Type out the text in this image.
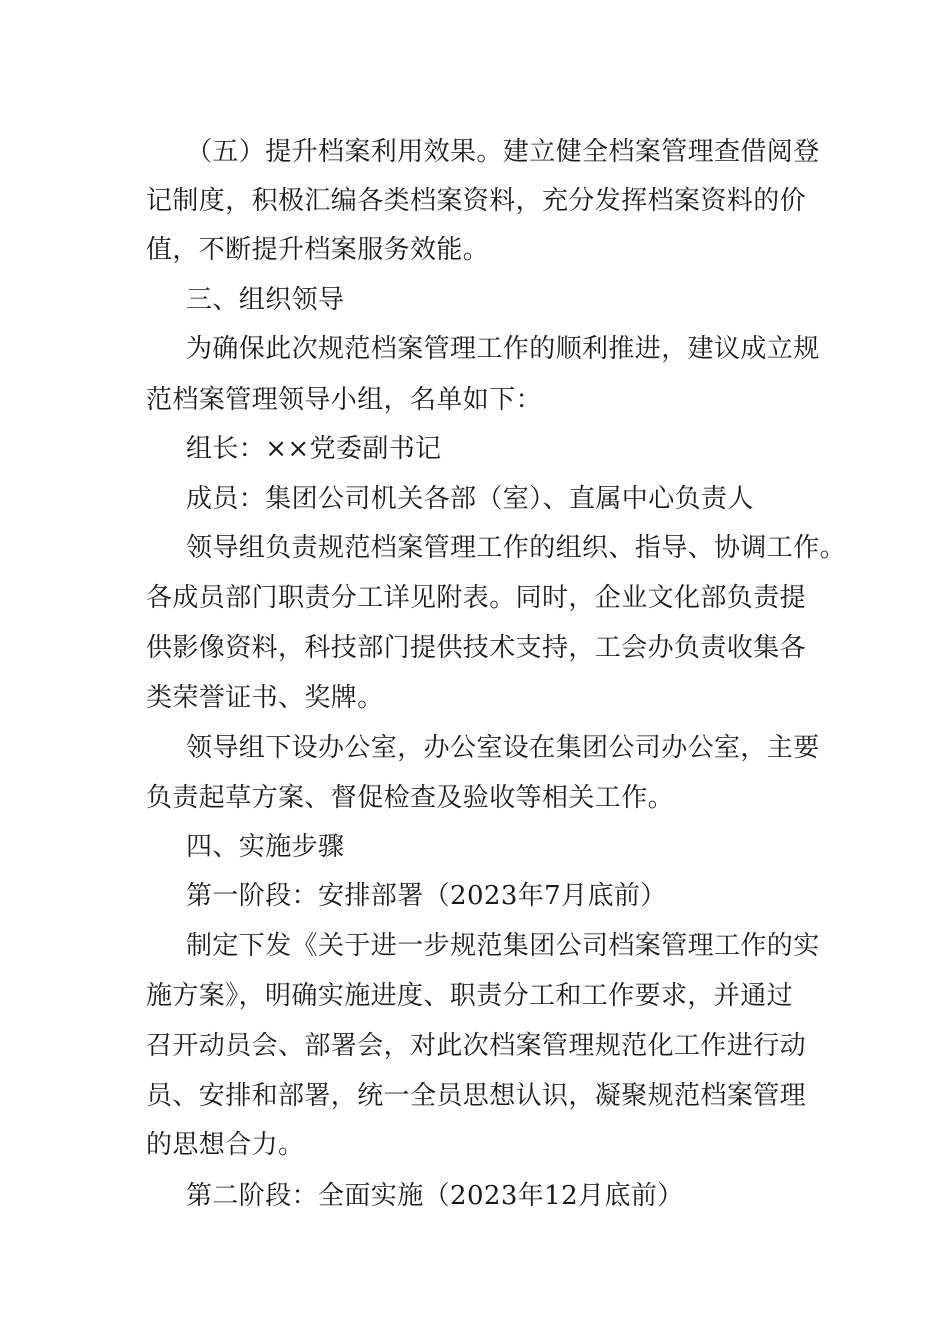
（五）提升档案利用效果。建立健全档案管理查借阅登
记制度，积极汇编各类档案资料，充分发挥档案资料的价
值，不断提升档案服务效能。
三、组织领导
为确保此次规范档案管理工作的顺利推进，建议成立规
范档案管理领导小组，名单如下：
组长：××党委副书记
成员：集团公司机关各部（室）、直属中心负责人
领导组负责规范档案管理工作的组织、指导、协调工作。
各成员部门职责分工详见附表。同时，企业文化部负责提
供影像资料，科技部门提供技术支持，工会办负责收集各
类荣誉证书、奖牌。
领导组下设办公室，办公室设在集团公司办公室，主要
负责起草方案、督促检查及验收等相关工作。
四、实施步骤
第一阶段：安排部署（2023年7月底前）
制定下发《关于进一步规范集团公司档案管理工作的实
施方案》，明确实施进度、职责分工和工作要求，并通过
召开动员会、部署会，对此次档案管理规范化工作进行动
员、安排和部署，统一全员思想认识，凝聚规范档案管理
的思想合力。
第二阶段：全面实施（2023年12月底前）
